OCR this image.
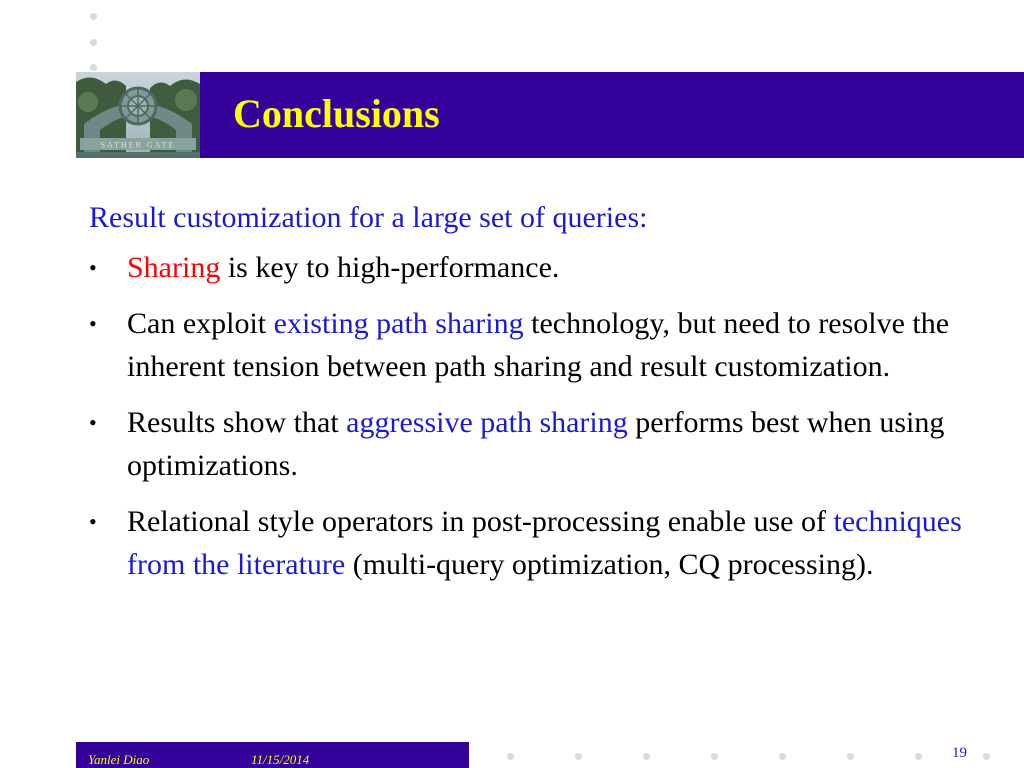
SATHER GATE
Conclusions

Result customization for a large set of queries:

• Sharing is key to high-performance.
• Can exploit existing path sharing technology, but need to resolve the inherent tension between path sharing and result customization.
• Results show that aggressive path sharing performs best when using optimizations.
• Relational style operators in post-processing enable use of techniques from the literature (multi-query optimization, CQ processing).
Yanlei Diao	11/15/2014	19
